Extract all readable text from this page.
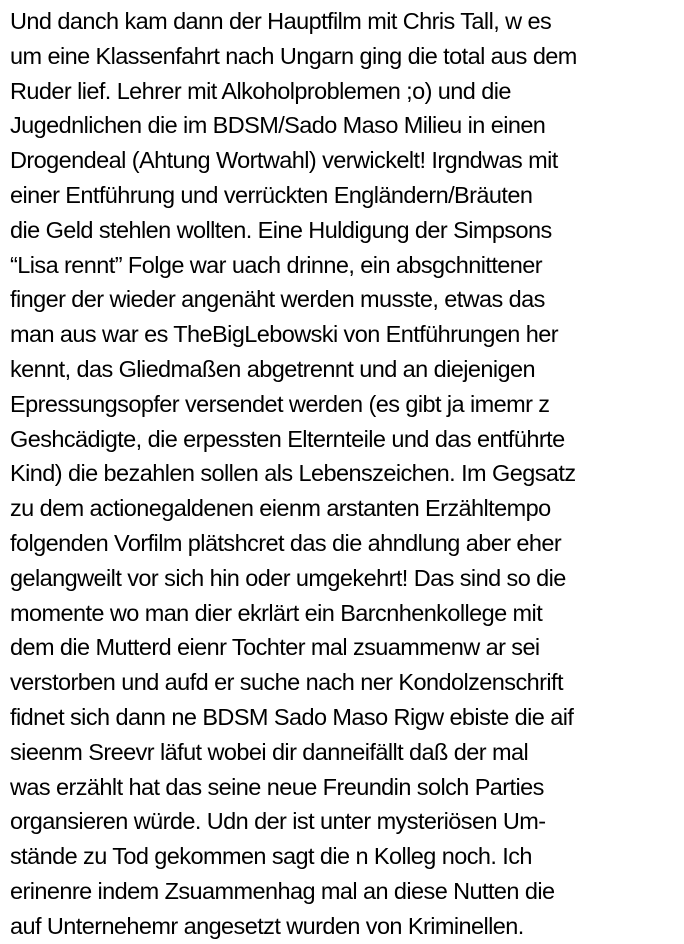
Und danch kam dann der Hauptfilm mit Chris Tall, w es
um eine Klassenfahrt nach Ungarn ging die total aus dem
Ruder lief. Lehrer mit Alkoholproblemen ;o) und die
Jugednlichen die im BDSM/Sado Maso Milieu in einen
Drogendeal (Ahtung Wortwahl) verwickelt! Irgndwas mit
einer Entführung und verrückten Engländern/Bräuten
die Geld stehlen wollten. Eine Huldigung der Simpsons
“Lisa rennt” Folge war uach drinne, ein absgchnittener
finger der wieder angenäht werden musste, etwas das
man aus war es TheBigLebowski von Entführungen her
kennt, das Gliedmaßen abgetrennt und an diejenigen
Epressungsopfer versendet werden (es gibt ja imemr z
Geshcädigte, die erpessten Elternteile und das entführte
Kind) die bezahlen sollen als Lebenszeichen. Im Gegsatz
zu dem actionegaldenen eienm arstanten Erzähltempo
folgenden Vorfilm plätshcret das die ahndlung aber eher
gelangweilt vor sich hin oder umgekehrt! Das sind so die
momente wo man dier ekrlärt ein Barcnhenkollege mit
dem die Mutterd eienr Tochter mal zsuammenw ar sei
verstorben und aufd er suche nach ner Kondolzenschrift
fidnet sich dann ne BDSM Sado Maso Rigw ebiste die aif
sieenm Sreevr läfut wobei dir danneifällt daß der mal
was erzählt hat das seine neue Freundin solch Parties
organsieren würde. Udn der ist unter mysteriösen Um-
stände zu Tod gekommen sagt die n Kolleg noch. Ich
erinenre indem Zsuammenhag mal an diese Nutten die
auf Unternehemr angesetzt wurden von Kriminellen.
